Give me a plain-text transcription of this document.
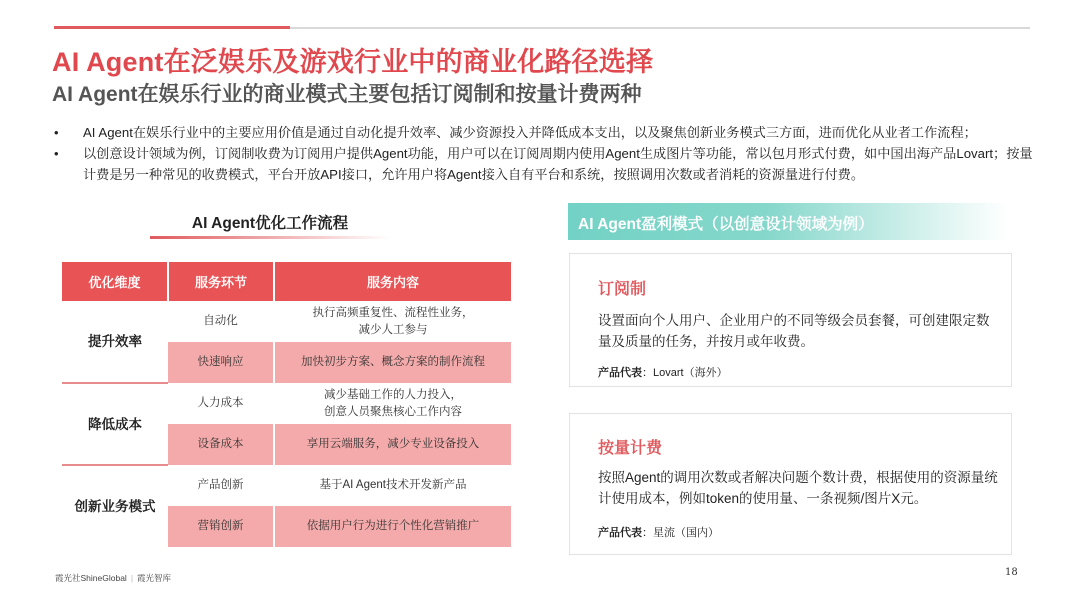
AI Agent在泛娱乐及游戏行业中的商业化路径选择
AI Agent在娱乐行业的商业模式主要包括订阅制和按量计费两种
• AI Agent在娱乐行业中的主要应用价值是通过自动化提升效率、减少资源投入并降低成本支出，以及聚焦创新业务模式三方面，进而优化从业者工作流程；
• 以创意设计领域为例，订阅制收费为订阅用户提供Agent功能，用户可以在订阅周期内使用Agent生成图片等功能，常以包月形式付费，如中国出海产品Lovart；按量计费是另一种常见的收费模式，平台开放API接口，允许用户将Agent接入自有平台和系统，按照调用次数或者消耗的资源量进行付费。
AI Agent优化工作流程
优化维度	服务环节	服务内容
提升效率	自动化	执行高频重复性、流程性业务，
减少人工参与

	快速响应	加快初步方案、概念方案的制作流程
降低成本	人力成本	减少基础工作的人力投入，
创意人员聚焦核心工作内容

	设备成本	享用云端服务，减少专业设备投入
创新业务模式	产品创新	基于AI Agent技术开发新产品
	营销创新	依据用户行为进行个性化营销推广
AI Agent盈利模式（以创意设计领域为例）
订阅制
设置面向个人用户、企业用户的不同等级会员套餐，可创建限定数量及质量的任务，并按月或年收费。
产品代表：Lovart（海外）
按量计费
按照Agent的调用次数或者解决问题个数计费，根据使用的资源量统计使用成本，例如token的使用量、一条视频/图片X元。
产品代表：星流（国内）
霞光社ShineGlobal | 霞光智库	18
